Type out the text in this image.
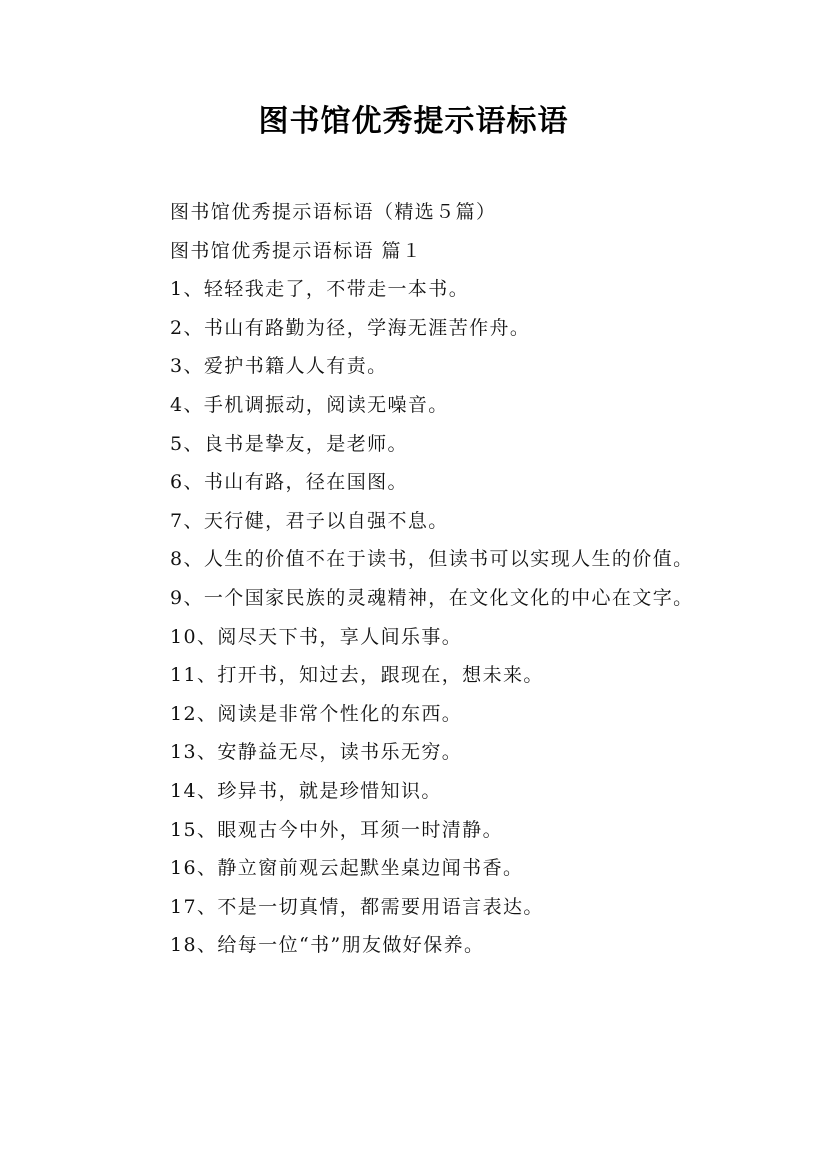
图书馆优秀提示语标语

图书馆优秀提示语标语（精选５篇）

图书馆优秀提示语标语 篇１

1、轻轻我走了，不带走一本书。

2、书山有路勤为径，学海无涯苦作舟。

3、爱护书籍人人有责。

4、手机调振动，阅读无噪音。

5、良书是挚友，是老师。

6、书山有路，径在国图。

7、天行健，君子以自强不息。

8、人生的价值不在于读书，但读书可以实现人生的价值。

9、一个国家民族的灵魂精神，在文化文化的中心在文字。

10、阅尽天下书，享人间乐事。

11、打开书，知过去，跟现在，想未来。

12、阅读是非常个性化的东西。

13、安静益无尽，读书乐无穷。

14、珍异书，就是珍惜知识。

15、眼观古今中外，耳须一时清静。

16、静立窗前观云起默坐桌边闻书香。

17、不是一切真情，都需要用语言表达。

18、给每一位“书”朋友做好保养。
